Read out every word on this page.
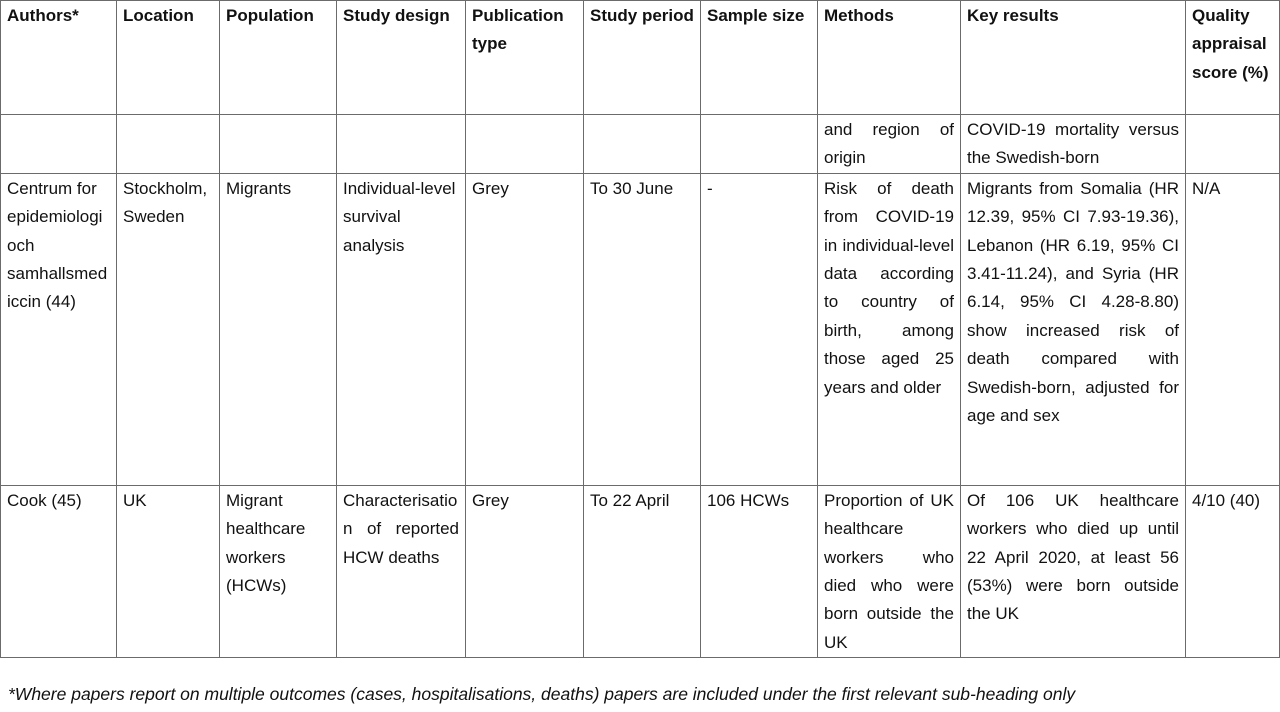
Authors*	Location	Population	Study design	Publication type	Study period	Sample size	Methods	Key results	Quality appraisal score (%)

							and region of origin	COVID-19 mortality versus the Swedish-born	
Centrum for epidemiologi och samhallsmediccin (44)	Stockholm, Sweden	Migrants	Individual-level survival analysis	Grey	To 30 June	-	Risk of death from COVID-19 in individual-level data according to country of birth, among those aged 25 years and older	Migrants from Somalia (HR 12.39, 95% CI 7.93-19.36), Lebanon (HR 6.19, 95% CI 3.41-11.24), and Syria (HR 6.14, 95% CI 4.28-8.80) show increased risk of death compared with Swedish-born, adjusted for age and sex	N/A
Cook (45)	UK	Migrant healthcare workers (HCWs)	Characterisation of reported HCW deaths	Grey	To 22 April	106 HCWs	Proportion of UK healthcare workers who died who were born outside the UK	Of 106 UK healthcare workers who died up until 22 April 2020, at least 56 (53%) were born outside the UK	4/10 (40)
*Where papers report on multiple outcomes (cases, hospitalisations, deaths) papers are included under the first relevant sub-heading only
